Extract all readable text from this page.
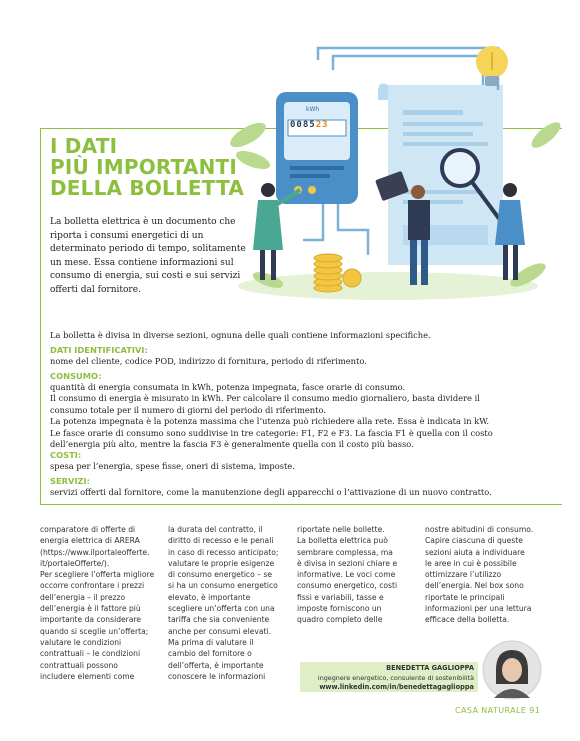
kWh
0 0 8 5 2 3
I DATI
PIÙ IMPORTANTI
DELLA BOLLETTA
La bolletta elettrica è un documento che riporta i consumi energetici di un determinato periodo di tempo, solitamente un mese. Essa contiene informazioni sul consumo di energia, sui costi e sui servizi offerti dal fornitore.
La bolletta è divisa in diverse sezioni, ognuna delle quali contiene informazioni specifiche.
DATI IDENTIFICATIVI:
nome del cliente, codice POD, indirizzo di fornitura, periodo di riferimento.
CONSUMO:
quantità di energia consumata in kWh, potenza impegnata, fasce orarie di consumo.
Il consumo di energia è misurato in kWh. Per calcolare il consumo medio giornaliero, basta dividere il
consumo totale per il numero di giorni del periodo di riferimento.
La potenza impegnata è la potenza massima che l’utenza può richiedere alla rete. Essa è indicata in kW.
Le fasce orarie di consumo sono suddivise in tre categorie: F1, F2 e F3. La fascia F1 è quella con il costo
dell’energia più alto, mentre la fascia F3 è generalmente quella con il costo più basso.
COSTI:
spesa per l’energia, spese fisse, oneri di sistema, imposte.
SERVIZI:
servizi offerti dal fornitore, come la manutenzione degli apparecchi o l’attivazione di un nuovo contratto.

comparatore di offerte di
energia elettrica di ARERA
(https://www.ilportaleofferte.
it/portaleOfferte/).
Per scegliere l’offerta migliore
occorre confrontare i prezzi
dell’energia – il prezzo
dell’energia è il fattore più
importante da considerare
quando si sceglie un’offerta;
valutare le condizioni
contrattuali – le condizioni
contrattuali possono
includere elementi come

la durata del contratto, il
diritto di recesso e le penali
in caso di recesso anticipato;
valutare le proprie esigenze
di consumo energetico – se
si ha un consumo energetico
elevato, è importante
scegliere un’offerta con una
tariffa che sia conveniente
anche per consumi elevati.
Ma prima di valutare il
cambio del fornitore o
dell’offerta, è importante
conoscere le informazioni

riportate nelle bollette.
La bolletta elettrica può
sembrare complessa, ma
è divisa in sezioni chiare e
informative. Le voci come
consumo energetico, costi
fissi e variabili, tasse e
imposte forniscono un
quadro completo delle

nostre abitudini di consumo.
Capire ciascuna di queste
sezioni aiuta a individuare
le aree in cui è possibile
ottimizzare l’utilizzo
dell’energia. Nel box sono
riportate le principali
informazioni per una lettura
efficace della bolletta.

BENEDETTA GAGLIOPPA
ingegnere energetico, consulente di sostenibilità
www.linkedin.com/in/benedettagaglioppa
CASA NATURALE 91
